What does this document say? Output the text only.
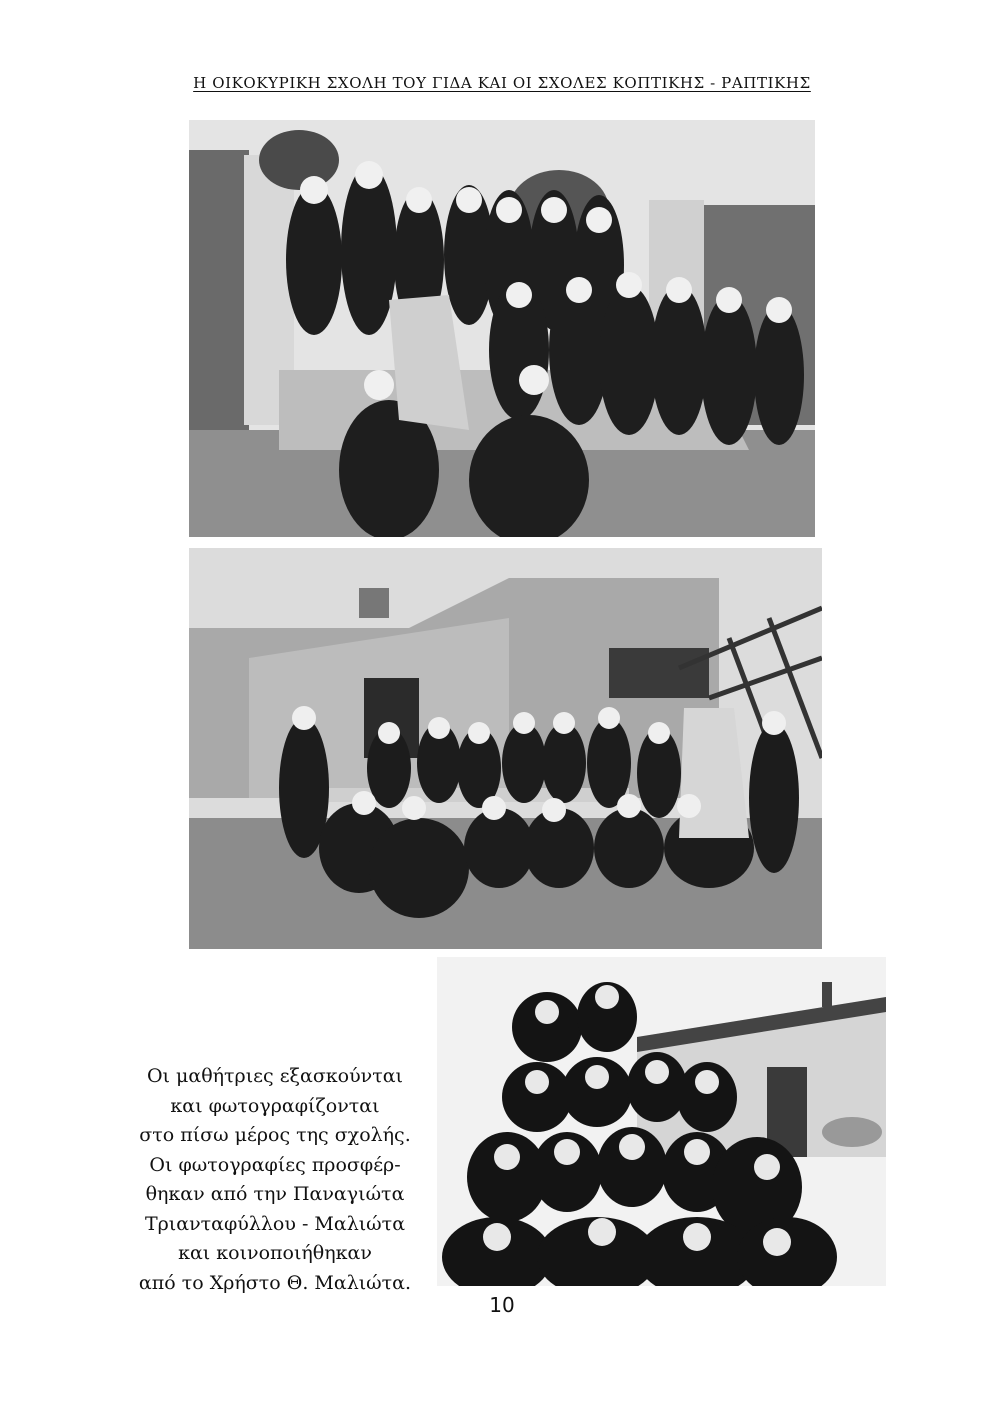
Η ΟΙΚΟΚΥΡΙΚΗ ΣΧΟΛΗ ΤΟΥ ΓΙΔΑ ΚΑΙ ΟΙ ΣΧΟΛΕΣ ΚΟΠΤΙΚΗΣ - ΡΑΠΤΙΚΗΣ
Οι μαθήτριες εξασκούνται
και φωτογραφίζονται
στο πίσω μέρος της σχολής.
Οι φωτογραφίες προσφέρ-
θηκαν από την Παναγιώτα
Τριανταφύλλου - Μαλιώτα
και κοινοποιήθηκαν
από το Χρήστο Θ. Μαλιώτα.
10
